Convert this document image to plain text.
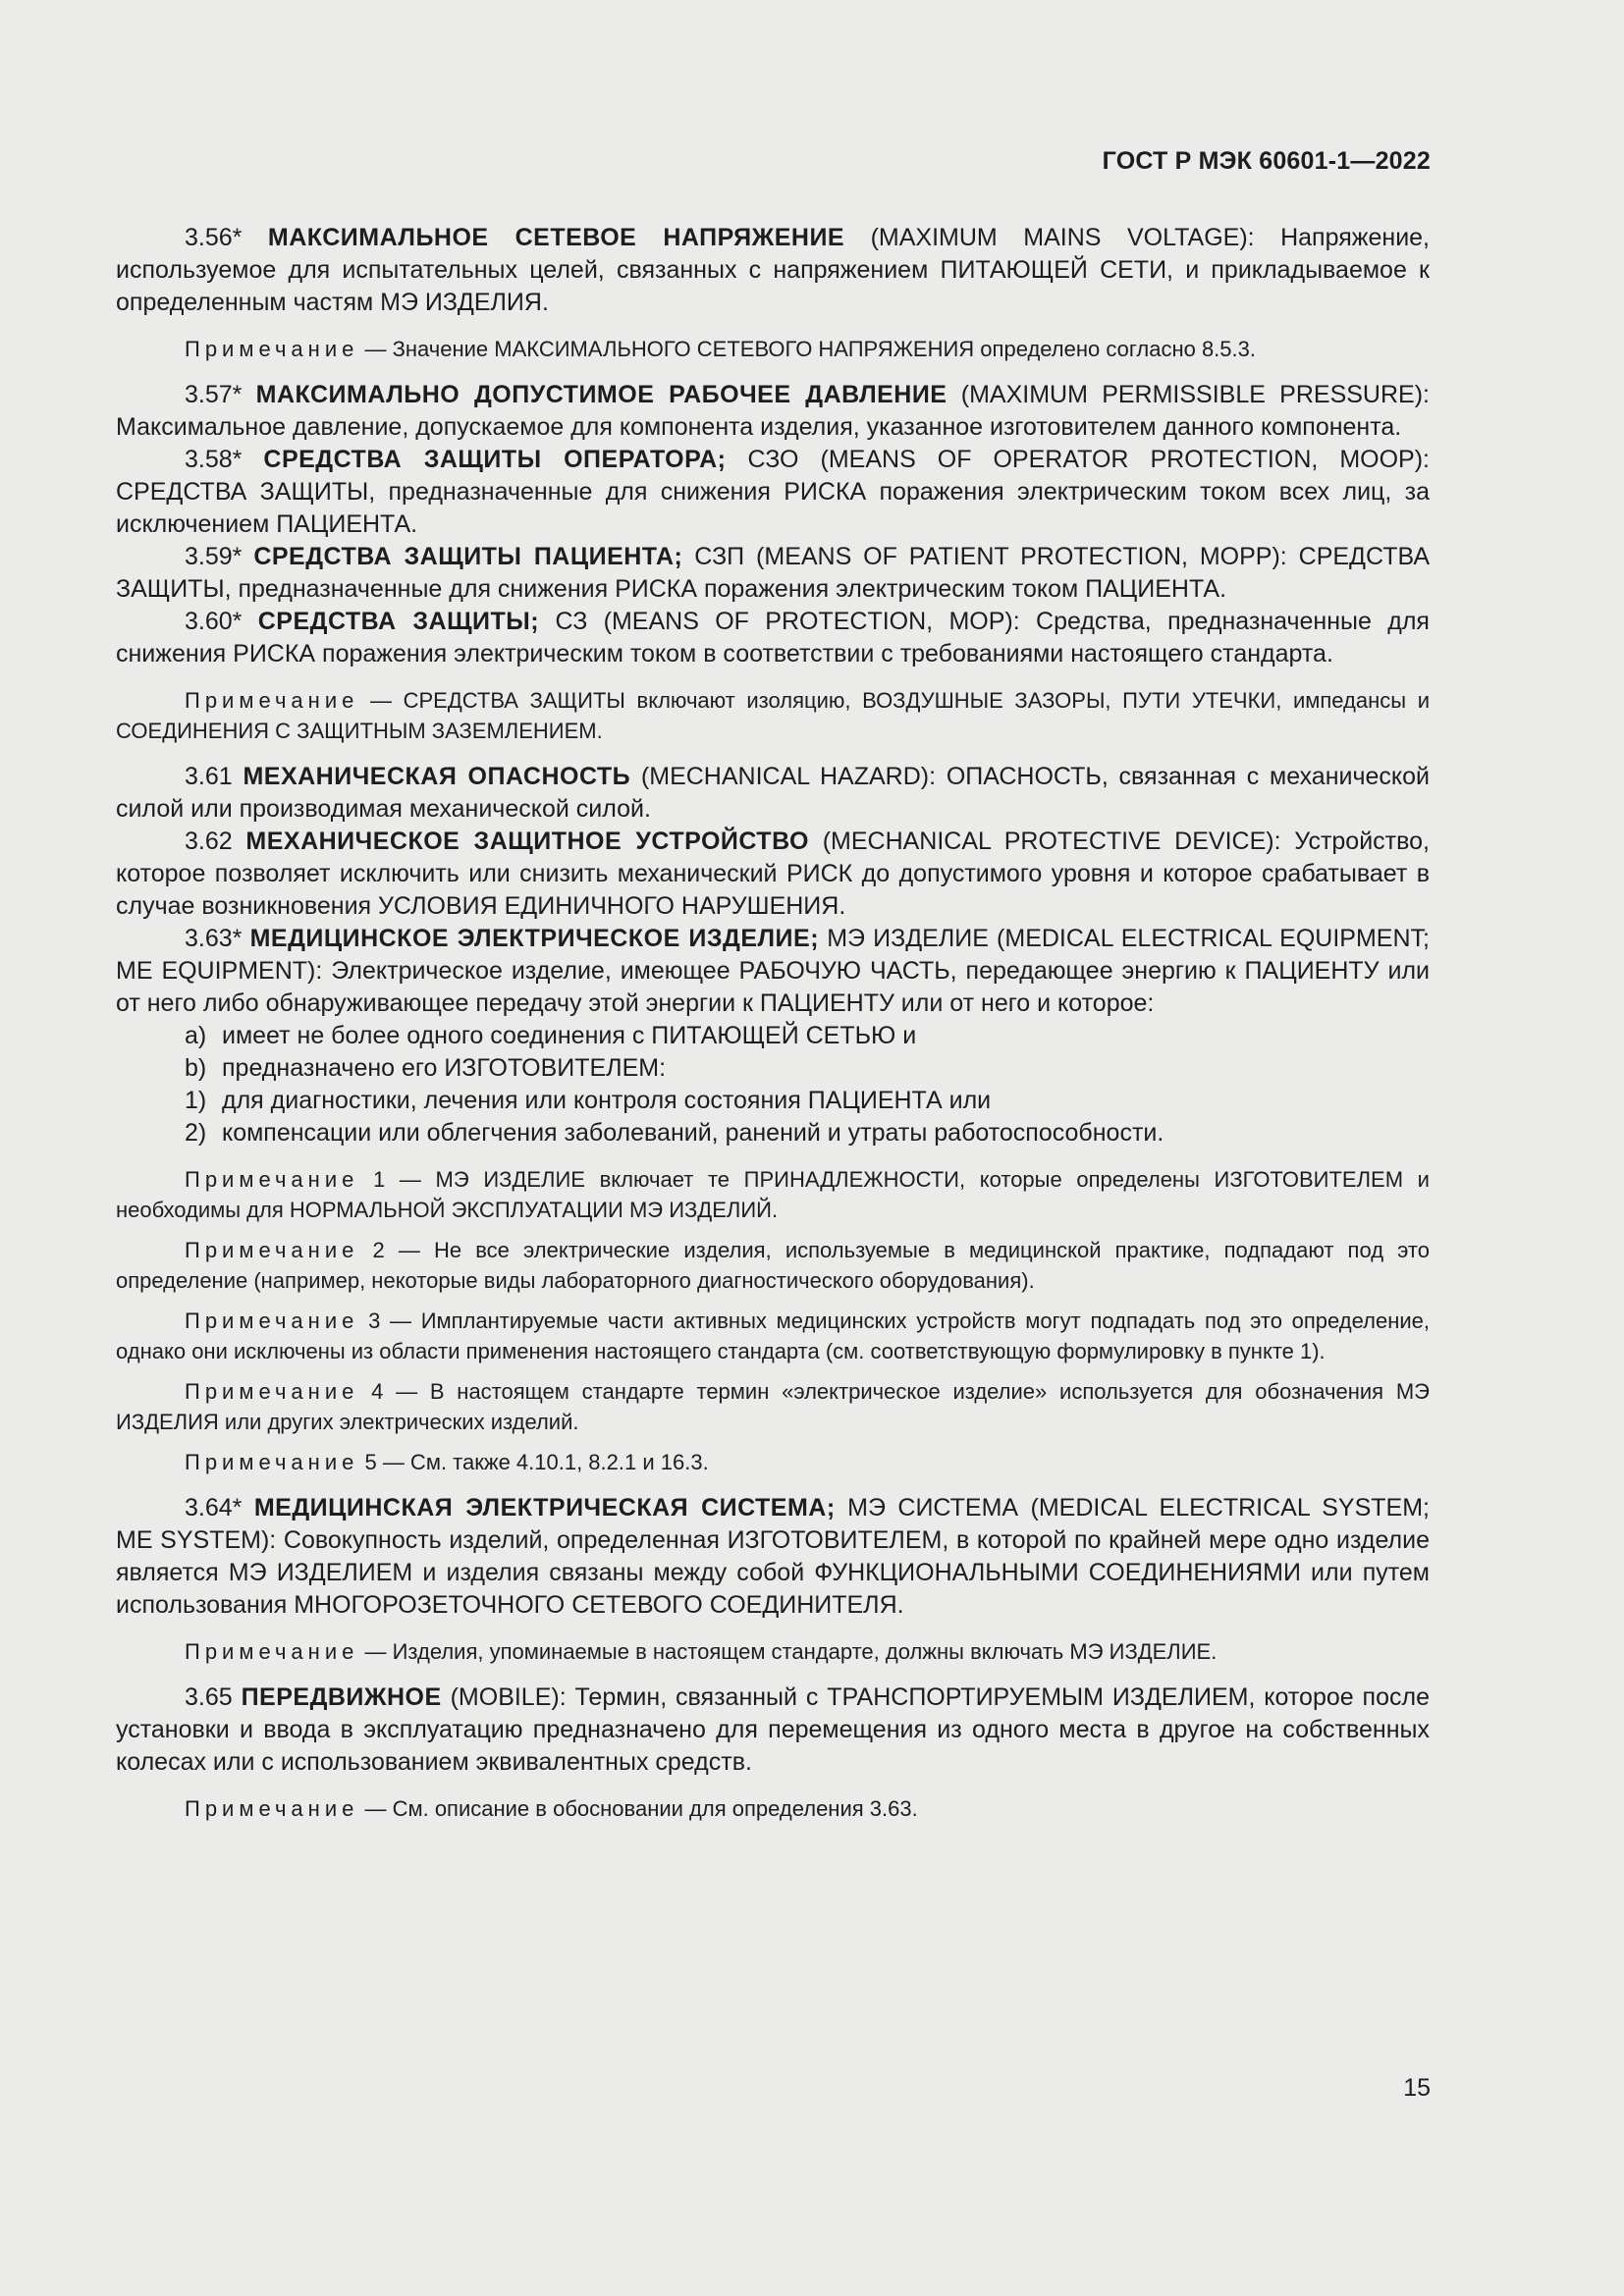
ГОСТ Р МЭК 60601-1—2022

3.56* МАКСИМАЛЬНОЕ СЕТЕВОЕ НАПРЯЖЕНИЕ (MAXIMUM MAINS VOLTAGE): Напряжение, используемое для испытательных целей, связанных с напряжением ПИТАЮЩЕЙ СЕТИ, и прикладываемое к определенным частям МЭ ИЗДЕЛИЯ.

Примечание — Значение МАКСИМАЛЬНОГО СЕТЕВОГО НАПРЯЖЕНИЯ определено согласно 8.5.3.

3.57* МАКСИМАЛЬНО ДОПУСТИМОЕ РАБОЧЕЕ ДАВЛЕНИЕ (MAXIMUM PERMISSIBLE PRESSURE): Максимальное давление, допускаемое для компонента изделия, указанное изготовителем данного компонента.

3.58* СРЕДСТВА ЗАЩИТЫ ОПЕРАТОРА; СЗО (MEANS OF OPERATOR PROTECTION, MOOP): СРЕДСТВА ЗАЩИТЫ, предназначенные для снижения РИСКА поражения электрическим током всех лиц, за исключением ПАЦИЕНТА.

3.59* СРЕДСТВА ЗАЩИТЫ ПАЦИЕНТА; СЗП (MEANS OF PATIENT PROTECTION, MOPP): СРЕДСТВА ЗАЩИТЫ, предназначенные для снижения РИСКА поражения электрическим током ПАЦИЕНТА.

3.60* СРЕДСТВА ЗАЩИТЫ; СЗ (MEANS OF PROTECTION, MOP): Средства, предназначенные для снижения РИСКА поражения электрическим током в соответствии с требованиями настоящего стандарта.

Примечание — СРЕДСТВА ЗАЩИТЫ включают изоляцию, ВОЗДУШНЫЕ ЗАЗОРЫ, ПУТИ УТЕЧКИ, импедансы и СОЕДИНЕНИЯ С ЗАЩИТНЫМ ЗАЗЕМЛЕНИЕМ.

3.61 МЕХАНИЧЕСКАЯ ОПАСНОСТЬ (MECHANICAL HAZARD): ОПАСНОСТЬ, связанная с механической силой или производимая механической силой.

3.62 МЕХАНИЧЕСКОЕ ЗАЩИТНОЕ УСТРОЙСТВО (MECHANICAL PROTECTIVE DEVICE): Устройство, которое позволяет исключить или снизить механический РИСК до допустимого уровня и которое срабатывает в случае возникновения УСЛОВИЯ ЕДИНИЧНОГО НАРУШЕНИЯ.

3.63* МЕДИЦИНСКОЕ ЭЛЕКТРИЧЕСКОЕ ИЗДЕЛИЕ; МЭ ИЗДЕЛИЕ (MEDICAL ELECTRICAL EQUIPMENT; ME EQUIPMENT): Электрическое изделие, имеющее РАБОЧУЮ ЧАСТЬ, передающее энергию к ПАЦИЕНТУ или от него либо обнаруживающее передачу этой энергии к ПАЦИЕНТУ или от него и которое:

a) имеет не более одного соединения с ПИТАЮЩЕЙ СЕТЬЮ и
b) предназначено его ИЗГОТОВИТЕЛЕМ:
1) для диагностики, лечения или контроля состояния ПАЦИЕНТА или
2) компенсации или облегчения заболеваний, ранений и утраты работоспособности.

Примечание 1 — МЭ ИЗДЕЛИЕ включает те ПРИНАДЛЕЖНОСТИ, которые определены ИЗГОТОВИТЕЛЕМ и необходимы для НОРМАЛЬНОЙ ЭКСПЛУАТАЦИИ МЭ ИЗДЕЛИЙ.

Примечание 2 — Не все электрические изделия, используемые в медицинской практике, подпадают под это определение (например, некоторые виды лабораторного диагностического оборудования).

Примечание 3 — Имплантируемые части активных медицинских устройств могут подпадать под это определение, однако они исключены из области применения настоящего стандарта (см. соответствующую формулировку в пункте 1).

Примечание 4 — В настоящем стандарте термин «электрическое изделие» используется для обозначения МЭ ИЗДЕЛИЯ или других электрических изделий.

Примечание 5 — См. также 4.10.1, 8.2.1 и 16.3.

3.64* МЕДИЦИНСКАЯ ЭЛЕКТРИЧЕСКАЯ СИСТЕМА; МЭ СИСТЕМА (MEDICAL ELECTRICAL SYSTEM; ME SYSTEM): Совокупность изделий, определенная ИЗГОТОВИТЕЛЕМ, в которой по крайней мере одно изделие является МЭ ИЗДЕЛИЕМ и изделия связаны между собой ФУНКЦИОНАЛЬНЫМИ СОЕДИНЕНИЯМИ или путем использования МНОГОРОЗЕТОЧНОГО СЕТЕВОГО СОЕДИНИТЕЛЯ.

Примечание — Изделия, упоминаемые в настоящем стандарте, должны включать МЭ ИЗДЕЛИЕ.

3.65 ПЕРЕДВИЖНОЕ (MOBILE): Термин, связанный с ТРАНСПОРТИРУЕМЫМ ИЗДЕЛИЕМ, которое после установки и ввода в эксплуатацию предназначено для перемещения из одного места в другое на собственных колесах или с использованием эквивалентных средств.

Примечание — См. описание в обосновании для определения 3.63.

15
